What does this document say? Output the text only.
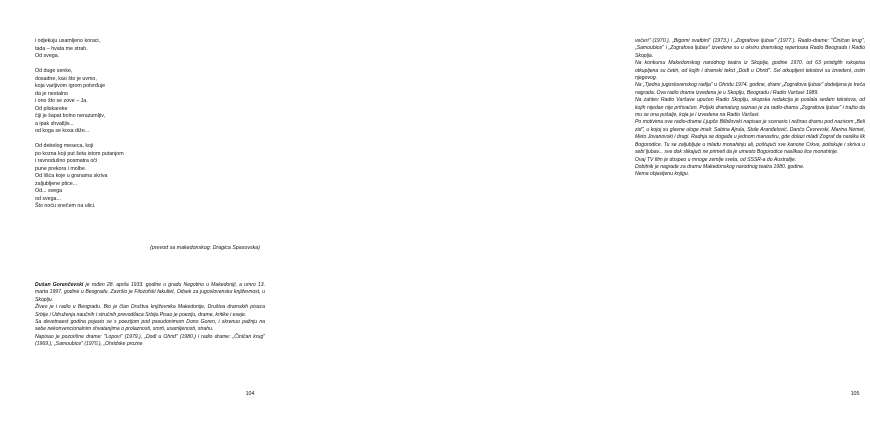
i odjekuju usamljeno koraci,
tada – hvata me strah.
Od svega.
Od duge senke,
dosadne, kao što je uvmo,
koja varljivom igrom potvrđuje
da je nestalno
i ono što se zove – Ja.
Od pliskareke
čiji je šapat bolno nerazumljiv,
a ipak shvatljiv...
od koga se kosa diže...
Od debelog meseca, koji
po kozna koji put šeta istom putanjom
i ravnodušno posmatra oči
pune prekora i molbe.
Od lišća koje u granama skriva
zaljubljene ptice...
Od... svega
od svega...
Što noću snečem na ulici.
(prevod sa makedonskog: Dragica Spasovska)

Dušan Gorenčevski je rođen 28. aprila 1933. godine u gradu Negotino u Makedoniji, a umro 13. marta 1997. godine u Beogradu. Završio je Filozofski fakultet, Odsek za jugoslovensku književnost, u Skoplju.

Živeo je i radio u Beogradu. Bio je član Društva književnika Makedonije, Društva dramskih pisaca Srbije i Udruženja naučnih i stručnih prevodilaca Srbije.Pisao je poeziju, drame, kritike i eseje.

Sa devetnaest godina pojavio se s poezijom pod pseudonimom Dono Goren, i skrenuo pažnju na sebe nekonvencionalnim shvatanjima o prolaznosti, smrti, usamljenosti, strahu.

Napisao je pozorišne drame: "Lopovi" (1979.), „Dođi u Ohrid" (1980.) i radio drame: „Činičan krug" (1969.), „Samoubice" (1970.), „Ohridske prozne

104

večeri" (1970.), „Bigomi svatbini" (1973.) i „Zografove ljubav" (1977.). Radio-drame: "Činičan krug", „Samoubice" i „Zografova ljubav" izvedene su u okviru dramskog repertoara Radio Beograda i Radio Skoplja.

Na konkursu Makedonskog narodnog teatra iz Skoplja, godine 1970. od 63 pristiglih rukopisa otkupljena su četiri, od kojih i dramski tekst „Dođi u Ohrid". Svi otkupljeni tekstovi su izvedeni, osim njegovog.

Na „Tjednu jugoslovenskog radija" u Ohridu 1974. godine, drami „Zografova ljubav" dodeljena je treća nagrada. Ova radio drama izvedena je u Skoplju, Beogradu i Radio Varšavi 1989.

Na zahtev Radio Varšave upućen Radio Skoplju, skopska redakcija je poslala sedam tekstova, od kojih nijedan nije prihvaćen. Poljski dramaturg saznao je za radio-dramu „Zografova ljubav" i tražio da mu se ona pošalje, koja je i izvedena na Radio Varšavi.

Po motivima ove radio-drame Ljupče Bilbilovski napisao je scenario i režirao dramu pod nazivom „Beli zid", u kojoj su glavne uloge imali: Sabina Ajrula, Stole Aranđelović, Dančo Čevrevski, Marina Nemet, Meto Jovanovski i drugi. Radnja se događa u jednom manastiru, gde dolazi mladi Zograf da naslika lik Bogorodice. Tu se zaljubljuje u mladu monahinju ali, poštujući sve kanone Crkve, potiskuje i skriva u sebi ljubav... sve dok slikajući ne primeti da je umesto Bogorodice naslikao lice monahinje.

Ovaj TV film je dospeo u mnoge zemlje sveta, od SSSR-a do Australije.

Dobitnik je nagrade za dramu Makedonskog narodnog teatra 1980. godine.

Nema objavljenu knjigu.

105
